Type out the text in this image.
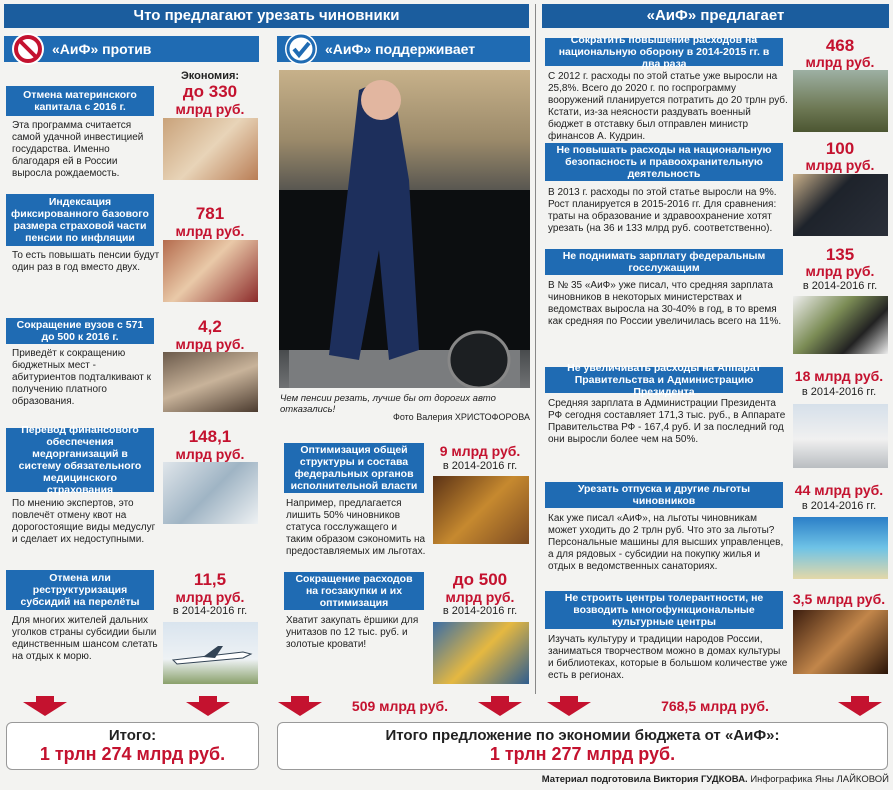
Что предлагают урезать чиновники	«АиФ» предлагает
«АиФ» против	«АиФ» поддерживает
Отмена материнского капитала с 2016 г.
Эта программа считается самой удачной инвестицией государства. Именно благодаря ей в России выросла рождаемость.
Экономия:
до 330
млрд руб.
Индексация фиксированного базового размера страховой части пенсии по инфляции
То есть повышать пенсии будут один раз в год вместо двух.
781
млрд руб.
Сокращение вузов с 571 до 500 к 2016 г.
Приведёт к сокращению бюджетных мест - абитуриентов подталкивают к получению платного образования.
4,2
млрд руб.
Перевод финансового обеспечения медорганизаций в систему обязательного медицинского страхования
По мнению экспертов, это повлечёт отмену квот на дорогостоящие виды медуслуг и сделает их недоступными.
148,1
млрд руб.
Отмена или реструктуризация субсидий на перелёты
Для многих жителей дальних уголков страны субсидии были единственным шансом слетать на отдых к морю.
11,5
млрд руб.
в 2014-2016 гг.
Чем пенсии резать, лучше бы от дорогих авто отказались!
Фото Валерия ХРИСТОФОРОВА
Оптимизация общей структуры и состава федеральных органов исполнительной власти
Например, предлагается лишить 50% чиновников статуса госслужащего и таким образом сэкономить на предоставляемых им льготах.
9 млрд руб.
в 2014-2016 гг.
Сокращение расходов на госзакупки и их оптимизация
Хватит закупать ёршики для унитазов по 12 тыс. руб. и золотые кровати!
до 500
млрд руб.
в 2014-2016 гг.
Сократить повышение расходов на национальную оборону в 2014-2015 гг. в два раза
С 2012 г. расходы по этой статье уже выросли на 25,8%. Всего до 2020 г. по госпрограмму вооружений планируется потратить до 20 трлн руб. Кстати, из-за неясности раздувать военный бюджет в отставку был отправлен министр финансов А. Кудрин.
468
млрд руб.
Не повышать расходы на национальную безопасность и правоохранительную деятельность
В 2013 г. расходы по этой статье выросли на 9%. Рост планируется в 2015-2016 гг. Для сравнения: траты на образование и здравоохранение хотят урезать (на 36 и 133 млрд руб. соответственно).
100
млрд руб.
Не поднимать зарплату федеральным госслужащим
В № 35 «АиФ» уже писал, что средняя зарплата чиновников в некоторых министерствах и ведомствах выросла на 30-40% в год, в то время как средняя по России увеличилась всего на 11%.
135
млрд руб.
в 2014-2016 гг.
Не увеличивать расходы на Аппарат Правительства и Администрацию Президента
Средняя зарплата в Администрации Президента РФ сегодня составляет 171,3 тыс. руб., в Аппарате Правительства РФ - 167,4 руб. И за последний год они выросли более чем на 50%.
18 млрд руб.
в 2014-2016 гг.
Урезать отпуска и другие льготы чиновников
Как уже писал «АиФ», на льготы чиновникам может уходить до 2 трлн руб. Что это за льготы? Персональные машины для высших управленцев, а для рядовых - субсидии на покупку жилья и отдых в ведомственных санаториях.
44 млрд руб.
в 2014-2016 гг.
Не строить центры толерантности, не возводить многофункциональные культурные центры
Изучать культуру и традиции народов России, заниматься творчеством можно в домах культуры и библиотеках, которые в большом количестве уже есть в регионах.
3,5 млрд руб.
509 млрд руб.	768,5 млрд руб.
Итого:
1 трлн 274 млрд руб.
Итого предложение по экономии бюджета от «АиФ»:
1 трлн 277 млрд руб.
Материал подготовила Виктория ГУДКОВА. Инфографика Яны ЛАЙКОВОЙ
